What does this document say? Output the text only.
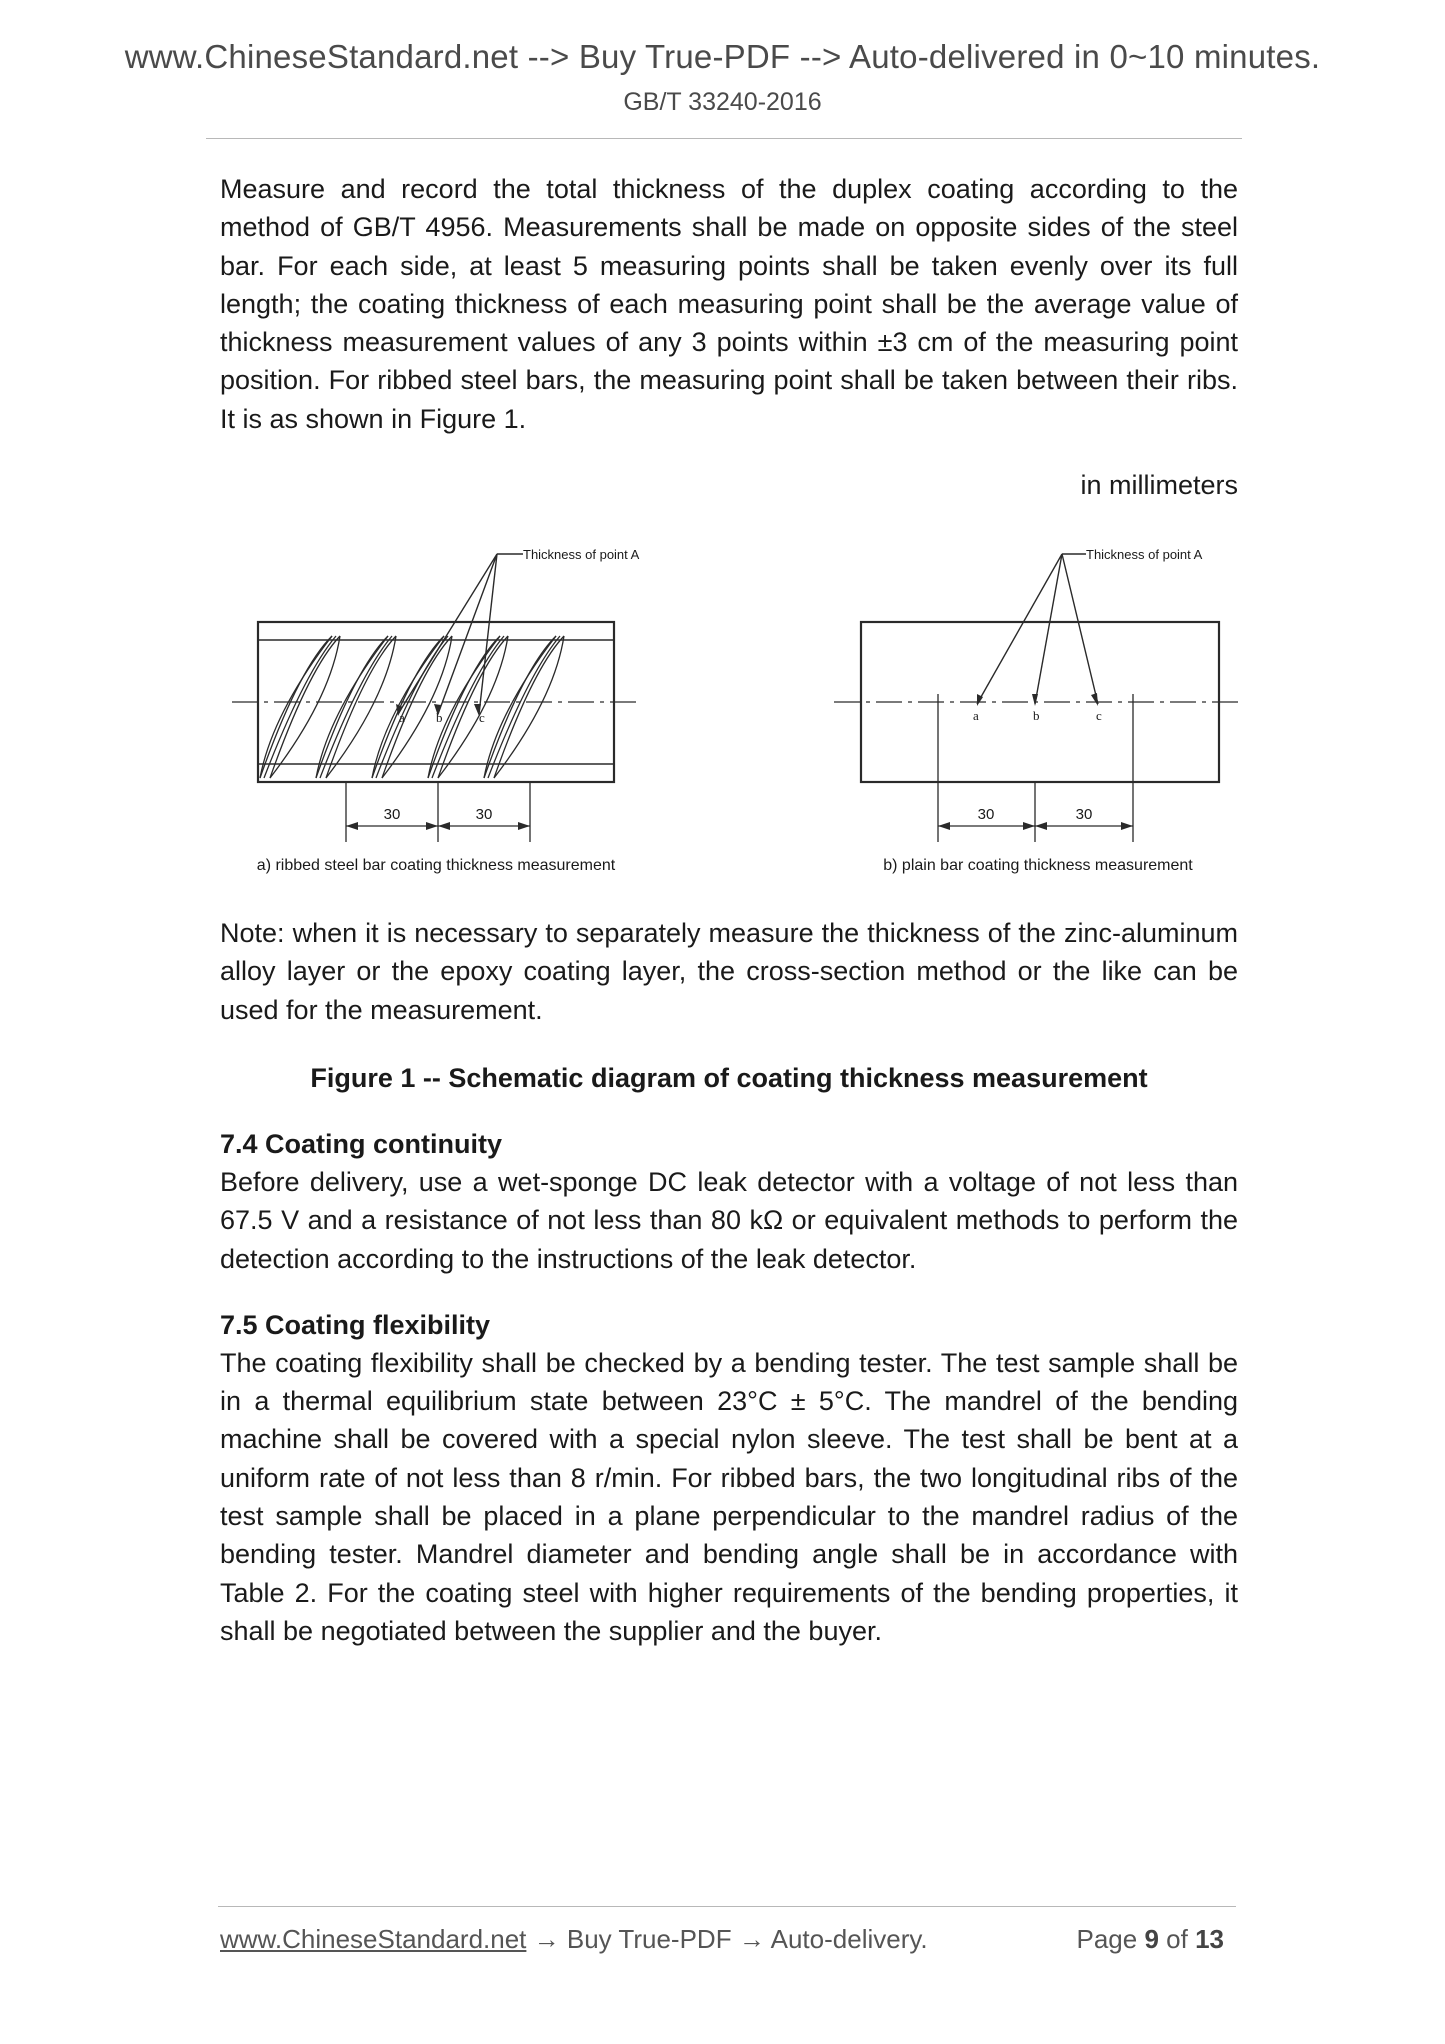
www.ChineseStandard.net --> Buy True-PDF --> Auto-delivered in 0~10 minutes.
GB/T 33240-2016

Measure and record the total thickness of the duplex coating according to the method of GB/T 4956. Measurements shall be made on opposite sides of the steel bar. For each side, at least 5 measuring points shall be taken evenly over its full length; the coating thickness of each measuring point shall be the average value of thickness measurement values of any 3 points within ±3 cm of the measuring point position. For ribbed steel bars, the measuring point shall be taken between their ribs. It is as shown in Figure 1.

in millimeters
Thickness of point A
a b	c
30	30
a) ribbed steel bar coating thickness measurement
Thickness of point A
a	b	c
30	30
b) plain bar coating thickness measurement

Note: when it is necessary to separately measure the thickness of the zinc-aluminum alloy layer or the epoxy coating layer, the cross-section method or the like can be used for the measurement.

Figure 1 -- Schematic diagram of coating thickness measurement
7.4 Coating continuity

Before delivery, use a wet-sponge DC leak detector with a voltage of not less than 67.5 V and a resistance of not less than 80 kΩ or equivalent methods to perform the detection according to the instructions of the leak detector.

7.5 Coating flexibility

The coating flexibility shall be checked by a bending tester. The test sample shall be in a thermal equilibrium state between 23°C ± 5°C. The mandrel of the bending machine shall be covered with a special nylon sleeve. The test shall be bent at a uniform rate of not less than 8 r/min. For ribbed bars, the two longitudinal ribs of the test sample shall be placed in a plane perpendicular to the mandrel radius of the bending tester. Mandrel diameter and bending angle shall be in accordance with Table 2. For the coating steel with higher requirements of the bending properties, it shall be negotiated between the supplier and the buyer.

www.ChineseStandard.net → Buy True-PDF → Auto-delivery.	Page 9 of 13
